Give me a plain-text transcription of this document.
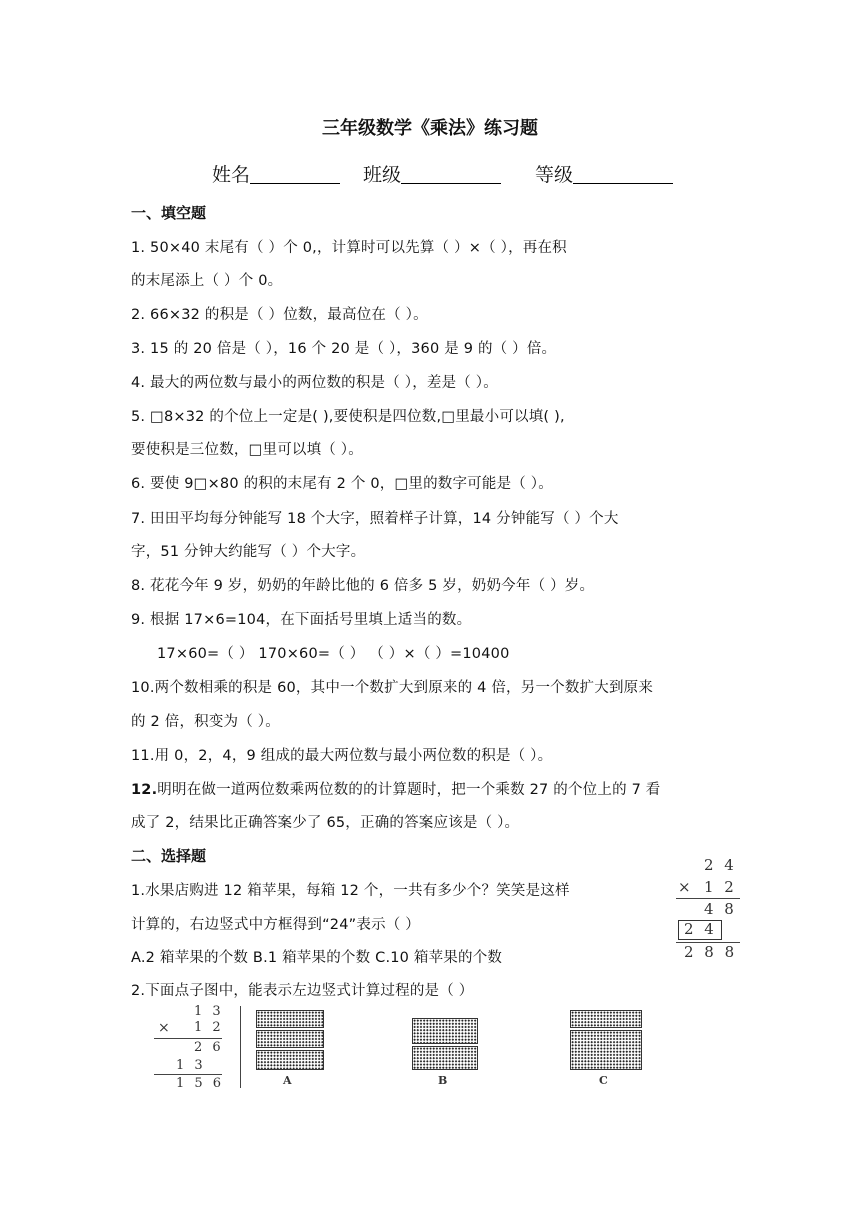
三年级数学《乘法》练习题
姓名	班级	等级
一、填空题
1. 50×40 末尾有（ ）个 0,，计算时可以先算（ ）×（ ），再在积
的末尾添上（ ）个 0。
2. 66×32 的积是（ ）位数，最高位在（ ）。
3. 15 的 20 倍是（ ），16 个 20 是（ ），360 是 9 的（ ）倍。
4. 最大的两位数与最小的两位数的积是（ ），差是（ ）。
5. □8×32 的个位上一定是( ),要使积是四位数,□里最小可以填( ),
要使积是三位数，□里可以填（ ）。
6. 要使 9□×80 的积的末尾有 2 个 0，□里的数字可能是（ ）。
7. 田田平均每分钟能写 18 个大字，照着样子计算，14 分钟能写（ ）个大
字，51 分钟大约能写（ ）个大字。
8. 花花今年 9 岁，奶奶的年龄比他的 6 倍多 5 岁，奶奶今年（ ）岁。
9. 根据 17×6=104，在下面括号里填上适当的数。
17×60=（ ） 170×60=（ ） （ ）×（ ）=10400
10.两个数相乘的积是 60，其中一个数扩大到原来的 4 倍，另一个数扩大到原来
的 2 倍，积变为（ ）。
11.用 0，2，4，9 组成的最大两位数与最小两位数的积是（ ）。
12.明明在做一道两位数乘两位数的的计算题时，把一个乘数 27 的个位上的 7 看
成了 2，结果比正确答案少了 65，正确的答案应该是（ ）。
二、选择题
1.水果店购进 12 箱苹果，每箱 12 个，一共有多少个？笑笑是这样
计算的，右边竖式中方框得到“24”表示（ ）
A.2 箱苹果的个数 B.1 箱苹果的个数 C.10 箱苹果的个数
2.下面点子图中，能表示左边竖式计算过程的是（ ）
2 4
× 1 2
4 8
2 4
2 8 8
1 3
× 1 2
2 6
1 3
1 5 6	A	B	C
